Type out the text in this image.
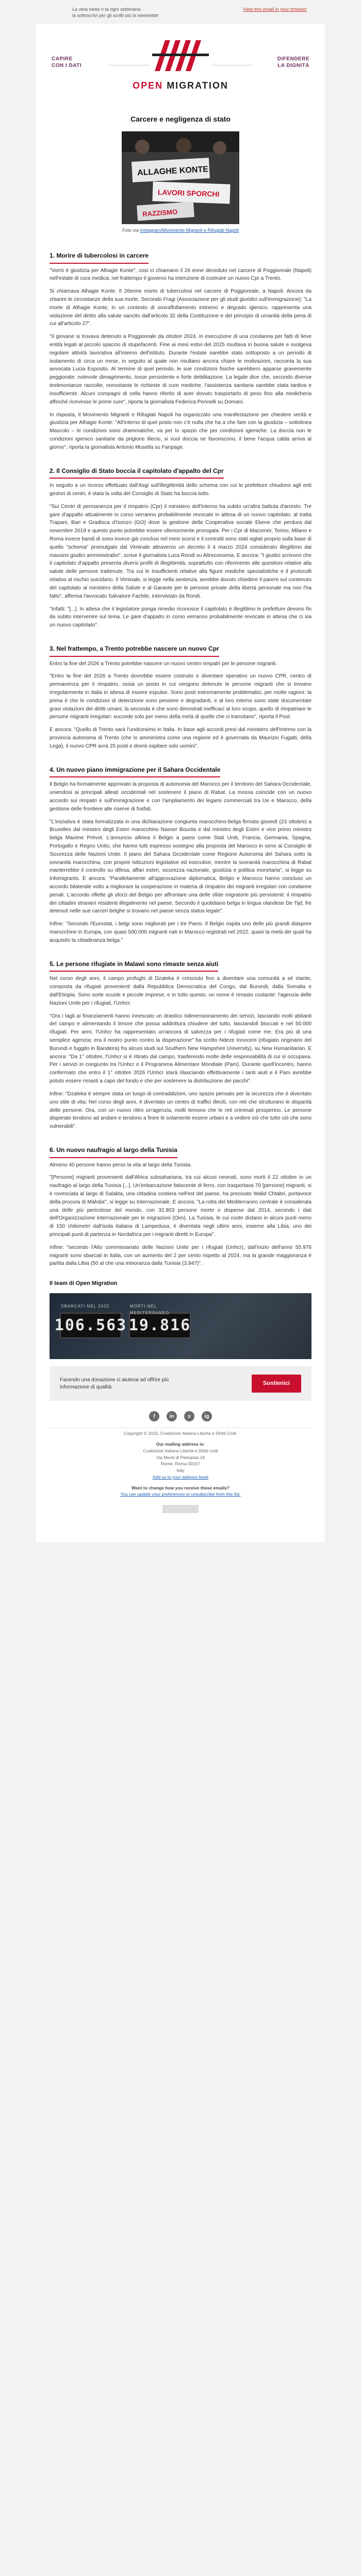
La vera news ri ta ogni settimana
la sottoscrivi per gli scritti più la newsletter
View this email in your browser
CAPIRE
CON I DATI
DIFENDERE
LA DIGNITÀ
OPEN MIGRATION
Carcere e negligenza di stato
ALLAGHE KONTE
LAVORI SPORCHI
RAZZISMO
Foto via Instagram/Movimento Migranti e Rifugiati Napoli
1. Morire di tubercolosi in carcere

"Vorrò è giustizia per Alhagie Konte", così ci chiamano il 26 enne deceduto nel carcere di Poggioreale (Napoli) nell'estate di cura medica; nel frattempo il governo ha intenzione di costruire un nuovo Cpr a Trento.

Si chiamava Alhagie Konte. Il 26enne morto di tubercolosi nel carcere di Poggioreale, a Napoli. Ancora da chiarire le circostanze della sua morte. Secondo Fragi (Associazione per gli studi giuridici sull'immigrazione): "La morte di Alhagie Konte, in un contesto di sovraffollamento estremo e degrado igienico, rappresenta una violazione del diritto alla salute sancito dall'articolo 32 della Costituzione e del principio di umanità della pena di cui all'articolo 27".

"Il giovane si trovava detenuto a Poggioreale da ottobre 2024, in esecuzione di una condanna per fatti di lieve entità legati al piccolo spaccio di stupefacenti. Fine ai mesi estivi del 2025 risultava in buona salute e svolgeva regolare attività lavorativa all'interno dell'istituto. Durante l'estate sarebbe stato sottoposto a un periodo di isolamento di circa un mese, in seguito al quale non risultano ancora chiare le motivazioni, raccontа la sua avvocata Lucia Esposito. Al termine di quel periodo, le sue condizioni fisiche sarebbero apparse gravemente peggiorate: notevole dimagrimento, tosse persistente e forte debilitazione. La legale dice che, secondo diverse testimonianze raccolte, nonostante le richieste di cure mediche, l'assistenza sanitaria sarebbe stata tardiva e insufficiente. Alcuni compagni di cella hanno riferito di aver dovuto trasportarlo di peso fino alla medicheria affinché ricevesse le prime cure", riporta la giornalista Federica Pennelli su Domani.

In risposta, il Movimento Migranti e Rifugiati Napoli ha organizzato una manifestazione per chiedere verità e giustizia per Alhagie Konte: "All'interno di quel posto non c'è nulla che ha a che fare con la giustizia – sottolinea Mascolo – le condizioni sono drammatiche, va per lo spazio che per condizioni igieniche. La doccia non le condizioni igienico sanitarie da prigione illecio, si vuol doccia ne favoriscono, il bene l'acqua calda arriva al giorno", riporta la giornalista Antonio Musella su Fanpage.

2. Il Consiglio di Stato boccia il capitolato d'appalto del Cpr

In seguito a un ricorso effettuato dall'Asgi sull'illegittimità dello schema con cui le prefetture chiudono agli enti gestori di centri, è stata la volta del Consiglio di Stato ha boccia tutto.

"Sui Centri di permanenza per il rimpatrio (Cpr) il ministero dell'Interno ha subito un'altra battuta d'arresto. Tre gare d'appalto attualmente in corso verranno probabilmente revocate in attesa di un nuovo capitolato: al tratta Trapani, Bari e Gradisca d'Isonzo (GO) dove la gestione della Cooperativa sociale Ekene che perdura dal novembre 2019 e questo punto potrebbe essere ulteriormente prorogata. Per i Cpr di Macomer, Torino, Milano e Roma invece bandi di sono invece già conclusi nel mesi scorsi e il contratti sono stati siglati proprio sulla base di quello "schema" promulgato dal Viminale attraverso un decreto il 4 marzo 2024 considerato illegittimo dai massimi giudici amministrativi", scrive il giornalista Luca Rondi su Altreconomia. E ancora: "I giudici scrivono che il capitolato d'appalto presenta diversi profili di illegittimità, soprattutto con riferimento alle questioni relative alla salute delle persone trattenute. Tra cui le insufficienti relative alla figure mediche specialistiche e il protocolli relativo al rischio suicidario. Il Viminale, si legge nella sentenza, avrebbe dovuto chiedere il parere sul contenuto del capitolato al ministero della Salute e al Garante per le persone private della libertà personale ma non l'ha fatto", afferma l'avvocato Salvatore Fachile, intervistato da Rondi.

"Infatti: "[...]. In attesa che il legislatore ponga rimedio riconosce il capitolato è illegittimo le prefetture devono fin da subito intervenire sul tema. Le gare d'appalto in corso verranno probabilmente revocate in attesa che ci sia un nuovo capitolato".

3. Nel frattempo, a Trento potrebbe nascere un nuovo Cpr

Entro la fine del 2026 a Trento potrebbe nascere un nuovo centro rimpatri per le persone migranti.

"Entro la fine del 2026 a Trento dovrebbe essere costruito e diventare operativo un nuovo CPR, centro di permanenza per il rimpatrio, ossia un posto in cui vengono detenute le persone migranti che si trovano irregolarmente in Italia in attesa di essere espulse. Sono posti estremamente problematici, per molte ragioni: la prima è che le condizioni di detenzione sono pessime e degradanti, e al loro interno sono state documentate gravi violazioni dei diritti umani; la seconda è che sono dimostrati inefficaci al loro scopo, quello di rimpatriare le persone migranti irregolari: succede solo per meno della metà di quelle che ci transitano", riporta il Post.

E ancora: "Quello di Trento sarà l'undicesimo in Italia. In base agli accordi presi dal ministero dell'Interno con la provincia autonoma di Trento (che lo amministra come una regione ed è governata da Maurizio Fugatti, della Lega), il nuovo CPR avrà 25 posti e dovrà ospitare solo uomini".

4. Un nuovo piano immigrazione per il Sahara Occidentale

Il Belgio ha formalmente approvato la proposta di autonomia del Marocco per il territorio del Sahara Occidentale, uniendosi ai principali alleati occidentali nel sostenere il piano di Rabat. La mossa coincide con un nuovo accordo sui rimpatri e sull'immigrazione e con l'ampliamento dei legami commerciali tra Ue e Marocco, della gestione delle frontiere alle riserve di fosfati.

"L'iniziativa è stata formalizzata in una dichiarazione congiunta marocchino-belga firmata giovedì (23 ottobre) a Bruxelles dal ministro degli Esteri marocchino Nasser Bourita e dal ministro degli Esteri e vice primo ministro belga Maxime Prévot. L'annuncio allinea il Belgio a paesi come Stati Uniti, Francia, Germania, Spagna, Portogallo e Regno Unito, che hanno tutti espresso sostegno alla proposta del Marocco in seno al Consiglio di Sicurezza delle Nazioni Unite. Il piano del Sahara Occidentale come Regione Autonoma del Sahara sotto la sovranità marocchina, con proprie istituzioni legislative ed esecutive, mentre la sovranità marocchina di Rabat manterrebbe il controllo su difesa, affari esteri, sicurezza nazionale, giustizia e politica monetaria", si legge su Infomigrants. E ancora: "Parallelamente all'approvazione diplomatica, Belgio e Marocco hanno concluso un accordo bilaterale volto a migliorare la cooperazione in materia di rimpatrio dei migranti irregolari con condanne penali. L'accordo riflette gli sforzi del Belgio per affrontare una delle sfide migratorie più persistenti: il rimpatrio dei cittadini stranieri residenti illegalmente nel paese. Secondo il quotidiano belga in lingua olandese De Tijd, fre detenuti nelle sue carceri belghe si trovano nel paese senza status legale".

Infine: "Secondo l'Eurostat, i belgi sono migliorati per i tre Paesi. Il Belgio ospita uno delle più grandi diaspore marocchine in Europa, con quasi 500.000 migranti nati in Marocco registrati nel 2022, quasi la metà dei quali ha acquisito la cittadinanza belga."

5. Le persone rifugiate in Malawi sono rimaste senza aiuti

Nel corso degli anni, il campo profughi di Dzaleka è cresciuto fino a diventare una comunità a sé stante, composta da rifugiati provenienti dalla Repubblica Democratica del Congo, dal Burundi, dalla Somalia e dall'Etiopia. Sono sorte scuole e piccole imprese, e in tutto questo, un nome è rimasto costante: l'agenzia delle Nazioni Unite per i rifugiati, l'Unhcr.

"Ora i tagli ai finanziamenti hanno innescato un drastico ridimensionamento dei servizi, lasciando molti abitanti del campo e alimentando il timore che possa addirittura chiudere del tutto, lasciandoli bloccati e nel 50.000 rifugiati. Per anni, l'Unhcr ha rappresentato un'ancora di salvezza per i rifugiati come me. Era più di una semplice agenzia: era il nostro punto contro la disperazione" ha scritto Ndeze Innocent (rifugiato originario del Burundi e fuggito in Bandeira) fra alcuni studi sul Southern New Hampshire University), su New Humanitarian. E ancora: "Da 1° ottobre, l'Unhcr si è ritirato dal campo, trasferendo molte delle responsabilità di cui si occupava. Per i servizi in congiunto tra l'Unhcr e il Programma Alimentare Mondiale (Pam). Durante quell'incontro, hanno confermato che entro il 1° ottobre 2026 l'Unhcr starà rilasciando effettivamente i tanti aiuti e il Pam avrebbe potuto essere rimasti a capo del fondo e che per sostenere la distribuzione dei pacchi".

Infine: "Dzaleka è sempre stata un luogo di contraddizioni, uno spazio pensato per la sicurezza che è diventato uno stile di vita; Nel corso degli anni, è diventato un centro di traffici illeciti, con reti che strutturano le disparità delle persone. Ora, con un nuovo ritiro un'agenzia, molti temono che le reti criminali prosperino. Le persone disperate tendono ad andare e tendono a finire le solamente essere urbani e a vedere ciò che tutte ciò che sono vulnerabili".

6. Un nuovo naufragio al largo della Tunisia

Almeno 40 persone hanno perso la vita al largo della Tunisia.

"[Persone] migranti provenienti dall'Africa subsahariana, tra cui alcuni neonati, sono morti il 22 ottobre in un naufragio al largo della Tunisia [...]. Un'imbarcazione fatiscente di ferro, con trasportava 70 [persone] migranti, si è rovesciata al largo di Salakta, una cittadina costiera nell'est del paese, ha precisato Walid Chtabri, portavoce della procura di Mahdia", si legge su Internazionale. E ancora: "La rotta del Mediterraneo centrale è considerata una delle più pericolose del mondo, con 32.803 persone morte o disperse dal 2014, secondo i dati dell'Organizzazione internazionale per le migrazioni (Oim). La Tunisia, le cui coste distano in alcuni punti meno di 150 chilometri dall'isola italiana di Lampedusa, è diventata negli ultimi anni, insieme alla Libia, uno dei principali punti di partenza in Nordafrica per i migranti diretti in Europa".

Infine: "secondo l'Alto commissariato delle Nazioni Unite per i rifugiati (Unhcr), dall'inizio dell'anno 55.976 migranti sono sbarcati in Italia, con un aumento del 2 per cento rispetto al 2024, ma la grande maggioranza è partita dalla Libia (50 al che una minoranza dalla Tunisia (3.947)".

Il team di Open Migration
SBARCATI NEL 2025	MORTI NEL MEDITERRANEO
106.563 19.816
Facendo una donazione ci aiuterai ad offrire più informazione di qualità.
Sostienici
f	in	x	ig
Copyright © 2025, Coalizione Italiana Libertà e Diritti Civili.
Our mailing address is:
Coalizione Italiana Libertà e Diritti civili
Via Monti di Pietralata 16
Rome, Roma 00157
Italy
Add us to your address book
Want to change how you receive these emails?
You can update your preferences or unsubscribe from this list.
